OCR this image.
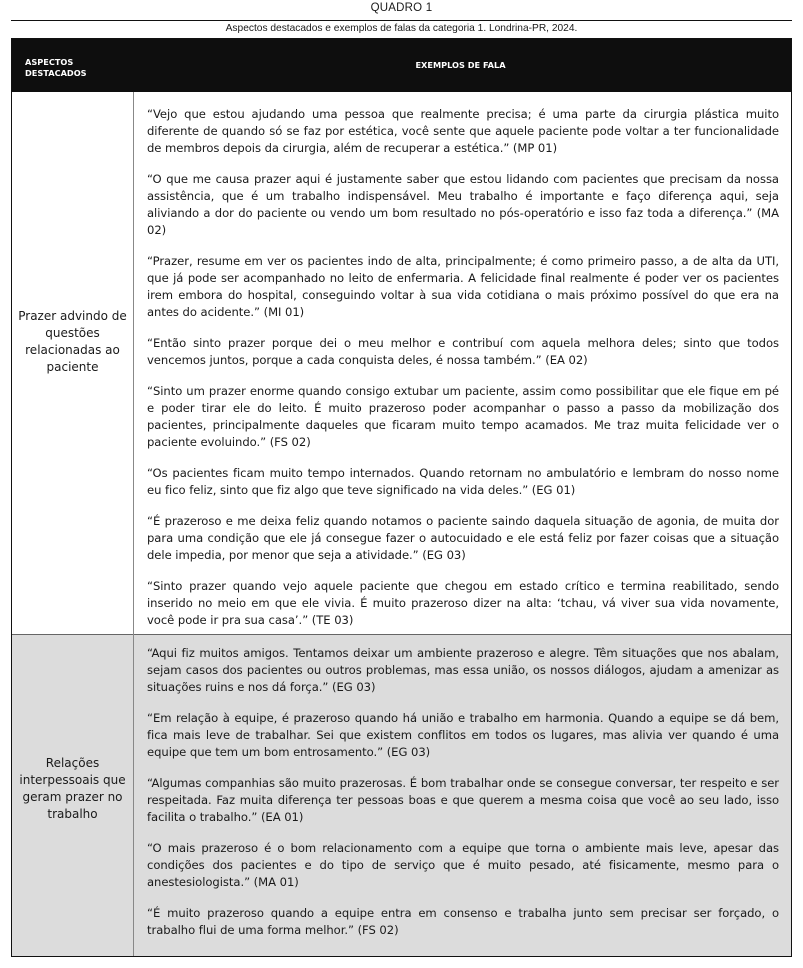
QUADRO 1
Aspectos destacados e exemplos de falas da categoria 1. Londrina-PR, 2024.
ASPECTOS DESTACADOS
EXEMPLOS DE FALA
Prazer advindo de questões relacionadas ao paciente

“Vejo que estou ajudando uma pessoa que realmente precisa; é uma parte da cirurgia plástica muito diferente de quando só se faz por estética, você sente que aquele paciente pode voltar a ter funcionalidade de membros depois da cirurgia, além de recuperar a estética.” (MP 01)

“O que me causa prazer aqui é justamente saber que estou lidando com pacientes que precisam da nossa assistência, que é um trabalho indispensável. Meu trabalho é importante e faço diferença aqui, seja aliviando a dor do paciente ou vendo um bom resultado no pós-operatório e isso faz toda a diferença.” (MA 02)

“Prazer, resume em ver os pacientes indo de alta, principalmente; é como primeiro passo, a de alta da UTI, que já pode ser acompanhado no leito de enfermaria. A felicidade final realmente é poder ver os pacientes irem embora do hospital, conseguindo voltar à sua vida cotidiana o mais próximo possível do que era na antes do acidente.” (MI 01)

“Então sinto prazer porque dei o meu melhor e contribuí com aquela melhora deles; sinto que todos vencemos juntos, porque a cada conquista deles, é nossa também.” (EA 02)

“Sinto um prazer enorme quando consigo extubar um paciente, assim como possibilitar que ele fique em pé e poder tirar ele do leito. É muito prazeroso poder acompanhar o passo a passo da mobilização dos pacientes, principalmente daqueles que ficaram muito tempo acamados. Me traz muita felicidade ver o paciente evoluindo.” (FS 02)

“Os pacientes ficam muito tempo internados. Quando retornam no ambulatório e lembram do nosso nome eu fico feliz, sinto que fiz algo que teve significado na vida deles.” (EG 01)

“É prazeroso e me deixa feliz quando notamos o paciente saindo daquela situação de agonia, de muita dor para uma condição que ele já consegue fazer o autocuidado e ele está feliz por fazer coisas que a situação dele impedia, por menor que seja a atividade.” (EG 03)

“Sinto prazer quando vejo aquele paciente que chegou em estado crítico e termina reabilitado, sendo inserido no meio em que ele vivia. É muito prazeroso dizer na alta: ‘tchau, vá viver sua vida novamente, você pode ir pra sua casa’.” (TE 03)

Relações interpessoais que geram prazer no trabalho

“Aqui fiz muitos amigos. Tentamos deixar um ambiente prazeroso e alegre. Têm situações que nos abalam, sejam casos dos pacientes ou outros problemas, mas essa união, os nossos diálogos, ajudam a amenizar as situações ruins e nos dá força.” (EG 03)

“Em relação à equipe, é prazeroso quando há união e trabalho em harmonia. Quando a equipe se dá bem, fica mais leve de trabalhar. Sei que existem conflitos em todos os lugares, mas alivia ver quando é uma equipe que tem um bom entrosamento.” (EG 03)

“Algumas companhias são muito prazerosas. É bom trabalhar onde se consegue conversar, ter respeito e ser respeitada. Faz muita diferença ter pessoas boas e que querem a mesma coisa que você ao seu lado, isso facilita o trabalho.” (EA 01)

“O mais prazeroso é o bom relacionamento com a equipe que torna o ambiente mais leve, apesar das condições dos pacientes e do tipo de serviço que é muito pesado, até fisicamente, mesmo para o anestesiologista.” (MA 01)

“É muito prazeroso quando a equipe entra em consenso e trabalha junto sem precisar ser forçado, o trabalho flui de uma forma melhor.” (FS 02)
